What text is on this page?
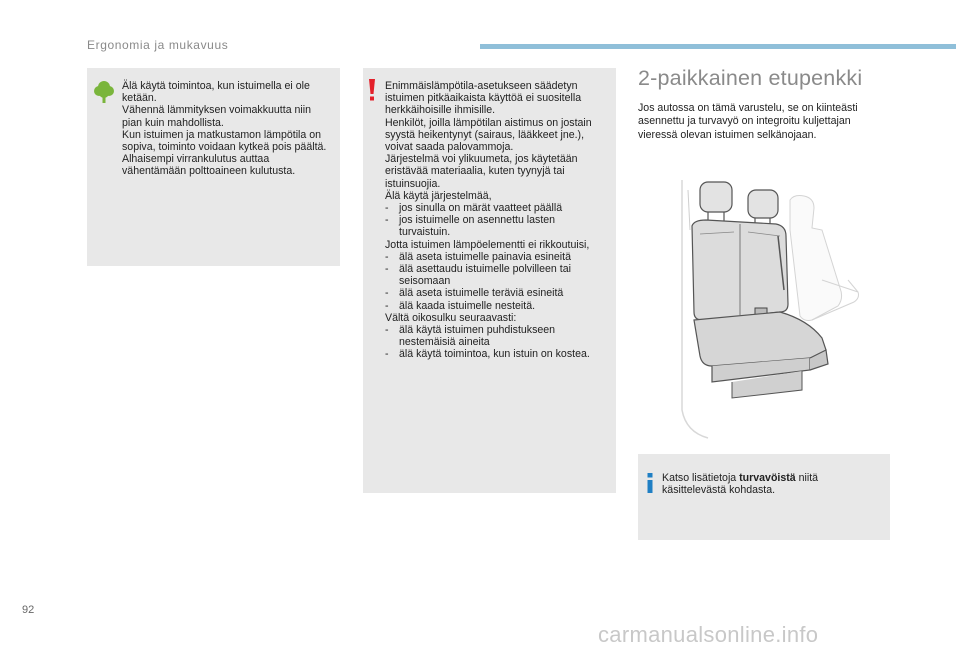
Ergonomia ja mukavuus
Älä käytä toimintoa, kun istuimella ei ole ketään.
Vähennä lämmityksen voimakkuutta niin pian kuin mahdollista.
Kun istuimen ja matkustamon lämpötila on sopiva, toiminto voidaan kytkeä pois päältä. Alhaisempi virrankulutus auttaa vähentämään polttoaineen kulutusta.
Enimmäislämpötila-asetukseen säädetyn istuimen pitkäaikaista käyttöä ei suositella herkkäihoisille ihmisille.
Henkilöt, joilla lämpötilan aistimus on jostain syystä heikentynyt (sairaus, lääkkeet jne.), voivat saada palovammoja.
Järjestelmä voi ylikuumeta, jos käytetään eristävää materiaalia, kuten tyynyjä tai istuinsuojia.
Älä käytä järjestelmää,
- jos sinulla on märät vaatteet päällä
- jos istuimelle on asennettu lasten turvaistuin.
Jotta istuimen lämpöelementti ei rikkoutuisi,
- älä aseta istuimelle painavia esineitä
- älä asettaudu istuimelle polvilleen tai seisomaan
- älä aseta istuimelle teräviä esineitä
- älä kaada istuimelle nesteitä.
Vältä oikosulku seuraavasti:
- älä käytä istuimen puhdistukseen nestemäisiä aineita
- älä käytä toimintoa, kun istuin on kostea.
2-paikkainen etupenkki
Jos autossa on tämä varustelu, se on kiinteästi asennettu ja turvavyö on integroitu kuljettajan vieressä olevan istuimen selkänojaan.
Katso lisätietoja turvavöistä niitä käsittelevästä kohdasta.
92
carmanualsonline.info
